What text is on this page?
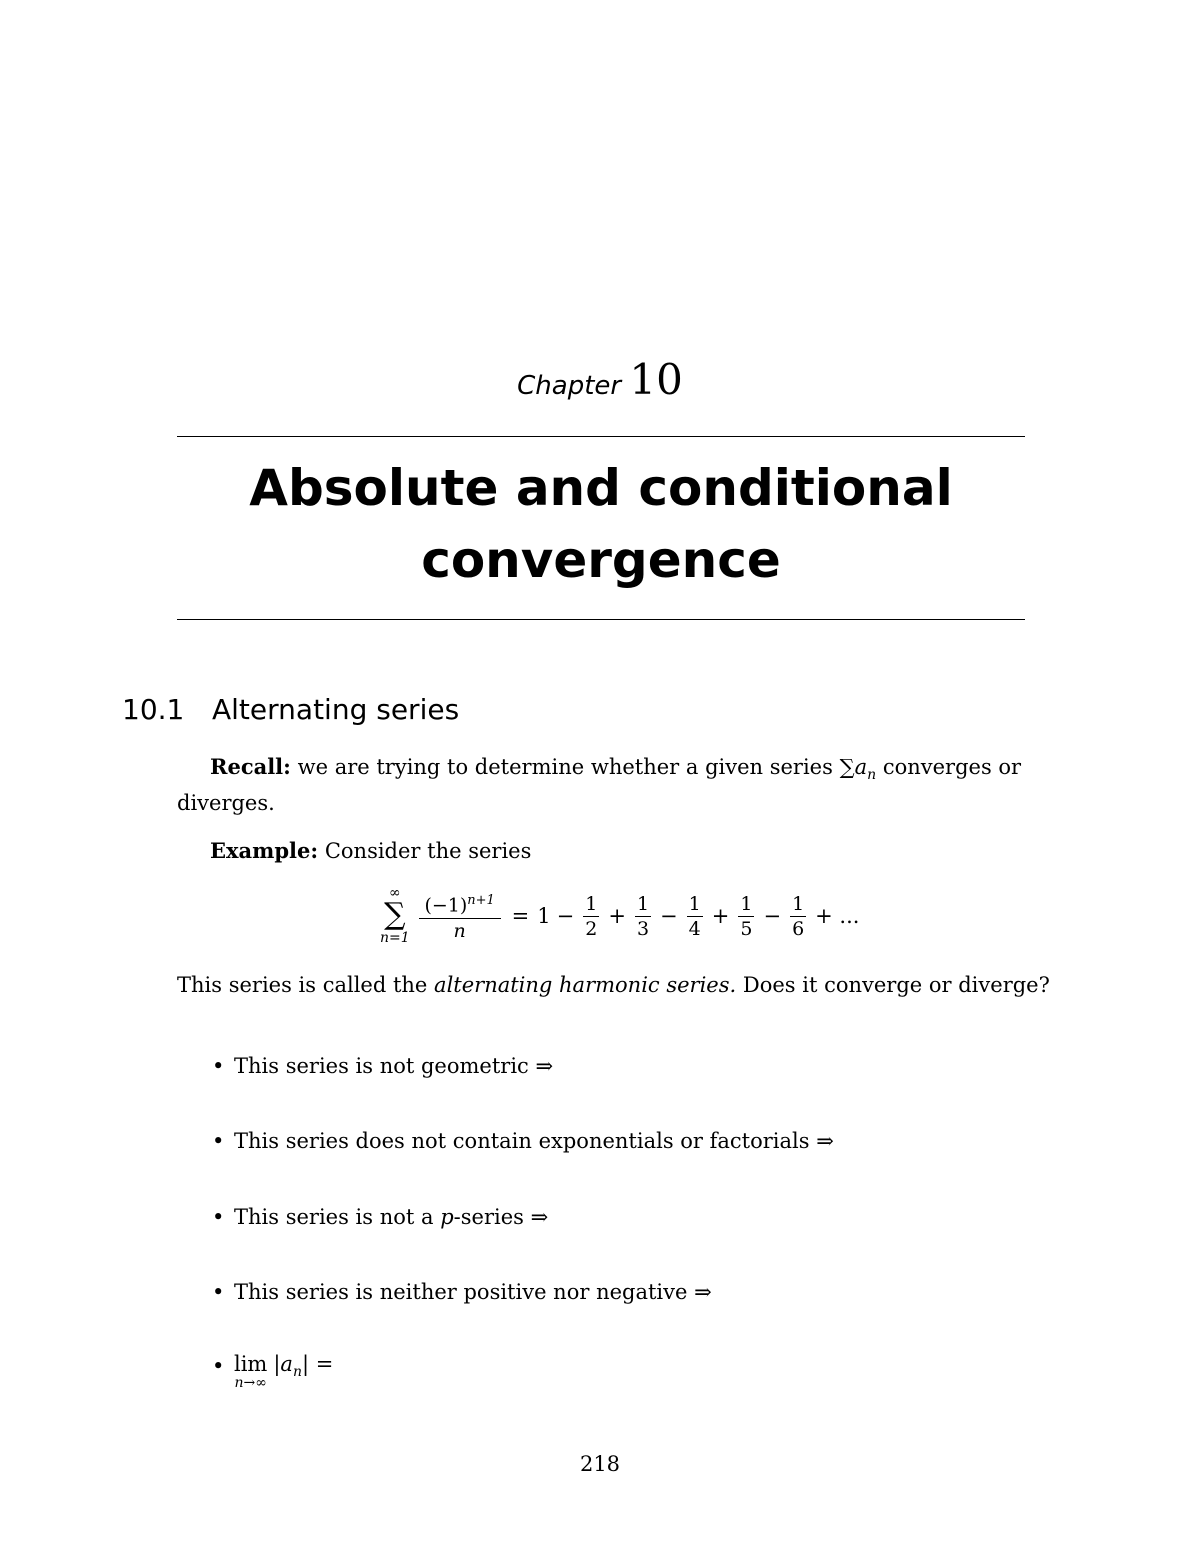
Chapter 10
Absolute and conditional
convergence
10.1 Alternating series
Recall: we are trying to determine whether a given series $\sum a_n$ converges or
diverges.
Example: Consider the series
∞
∑
$n=1 \frac{(-1)^{n+1}}{n} = 1 - \frac{1}{2} + \frac{1}{3} - \frac{1}{4} + \frac{1}{5} - \frac{1}{6}$ + ...
This series is called the alternating harmonic series. Does it converge or diverge?
• This series is not geometric ⇒
• This series does not contain exponentials or factorials ⇒
• This series is not a p-series ⇒
• This series is neither positive nor negative ⇒
• lim
n→∞
$|a_n|$ =
218
